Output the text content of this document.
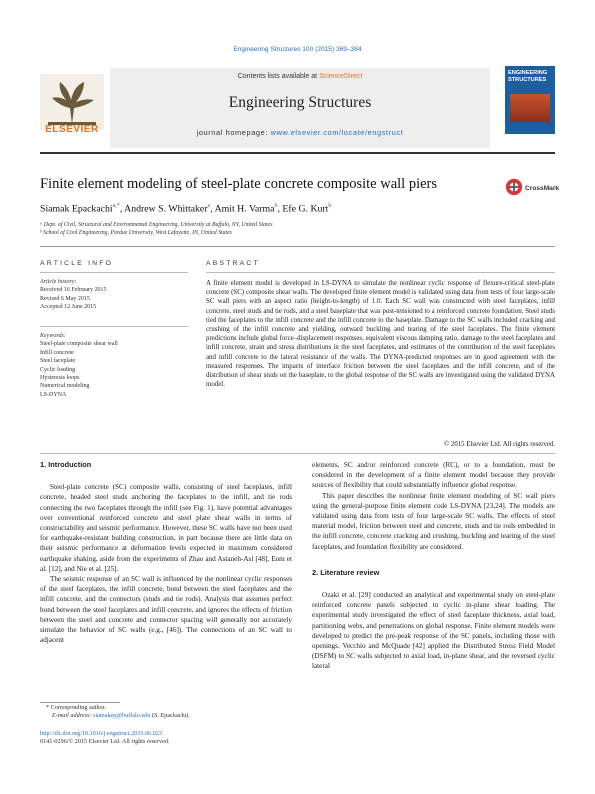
Engineering Structures 100 (2015) 369–384
ELSEVIER
Contents lists available at ScienceDirect
Engineering Structures
journal homepage: www.elsevier.com/locate/engstruct
ENGINEERING
STRUCTURES
Finite element modeling of steel-plate concrete composite wall piers	CrossMark
Siamak Epackachi$^{a,*}$, Andrew S. Whittaker$^a$, Amit H. Varma$^b$, Efe G. Kurt$^b$
ᵃ Dept. of Civil, Structural and Environmental Engineering, University at Buffalo, NY, United States
ᵇ School of Civil Engineering, Purdue University, West Lafayette, IN, United States
ARTICLE INFO	ABSTRACT
Article history:
Received 16 February 2015
Revised 6 May 2015
Accepted 12 June 2015
Keywords:
Steel-plate composite shear wall
Infill concrete
Steel faceplate
Cyclic loading
Hysteresis loops
Numerical modeling
LS-DYNA
A finite element model is developed in LS-DYNA to simulate the nonlinear cyclic response of flexure-critical steel-plate concrete (SC) composite shear walls. The developed finite element model is validated using data from tests of four large-scale SC wall piers with an aspect ratio (height-to-length) of 1.0. Each SC wall was constructed with steel faceplates, infill concrete, steel studs and tie rods, and a steel baseplate that was post-tensioned to a reinforced concrete foundation. Steel studs tied the faceplates to the infill concrete and the infill concrete to the baseplate. Damage to the SC walls included cracking and crushing of the infill concrete and yielding, outward buckling and tearing of the steel faceplates. The finite element predictions include global force–displacement responses, equivalent viscous damping ratio, damage to the steel faceplates and infill concrete, strain and stress distributions in the steel faceplates, and estimates of the contribution of the steel faceplates and infill concrete to the lateral resistance of the walls. The DYNA-predicted responses are in good agreement with the measured responses. The impacts of interface friction between the steel faceplates and the infill concrete, and of the distribution of shear studs on the baseplate, to the global response of the SC walls are investigated using the validated DYNA model.
© 2015 Elsevier Ltd. All rights reserved.
1. Introduction

Steel-plate concrete (SC) composite walls, consisting of steel faceplates, infill concrete, headed steel studs anchoring the faceplates to the infill, and tie rods connecting the two faceplates through the infill (see Fig. 1), have potential advantages over conventional reinforced concrete and steel plate shear walls in terms of constructability and seismic performance. However, these SC walls have not been used for earthquake-resistant building construction, in part because there are little data on their seismic performance at deformation levels expected in maximum considered earthquake shaking, aside from the experiments of Zhao and Astaneh-Asl [48], Eom et al. [12], and Nie et al. [25].

The seismic response of an SC wall is influenced by the nonlinear cyclic responses of the steel faceplates, the infill concrete, bond between the steel faceplates and the infill concrete, and the connectors (studs and tie rods). Analysis that assumes perfect bond between the steel faceplates and infill concrete, and ignores the effects of friction between the steel and concrete and connector spacing will generally not accurately simulate the behavior of SC walls (e.g., [46]). The connections of an SC wall to adjacent

elements, SC and/or reinforced concrete (RC), or to a foundation, must be considered in the development of a finite element model because they provide sources of flexibility that could substantially influence global response.

This paper describes the nonlinear finite element modeling of SC wall piers using the general-purpose finite element code LS-DYNA [23,24]. The models are validated using data from tests of four large-scale SC walls. The effects of steel material model, friction between steel and concrete, studs and tie rods embedded in the infill concrete, concrete cracking and crushing, buckling and tearing of the steel faceplates, and foundation flexibility are considered.

2. Literature review

Ozaki et al. [29] conducted an analytical and experimental study on steel-plate reinforced concrete panels subjected to cyclic in-plane shear loading. The experimental study investigated the effect of steel faceplate thickness, axial load, partitioning webs, and penetrations on global response. Finite element models were developed to predict the pre-peak response of the SC panels, including those with openings. Vecchio and McQuade [42] applied the Distributed Stress Field Model (DSFM) to SC walls subjected to axial load, in-plane shear, and the reversed cyclic lateral

* Corresponding author.
E-mail address: siamakep@buffalo.edu (S. Epackachi).
http://dx.doi.org/10.1016/j.engstruct.2015.06.023
0141-0296/© 2015 Elsevier Ltd. All rights reserved.
